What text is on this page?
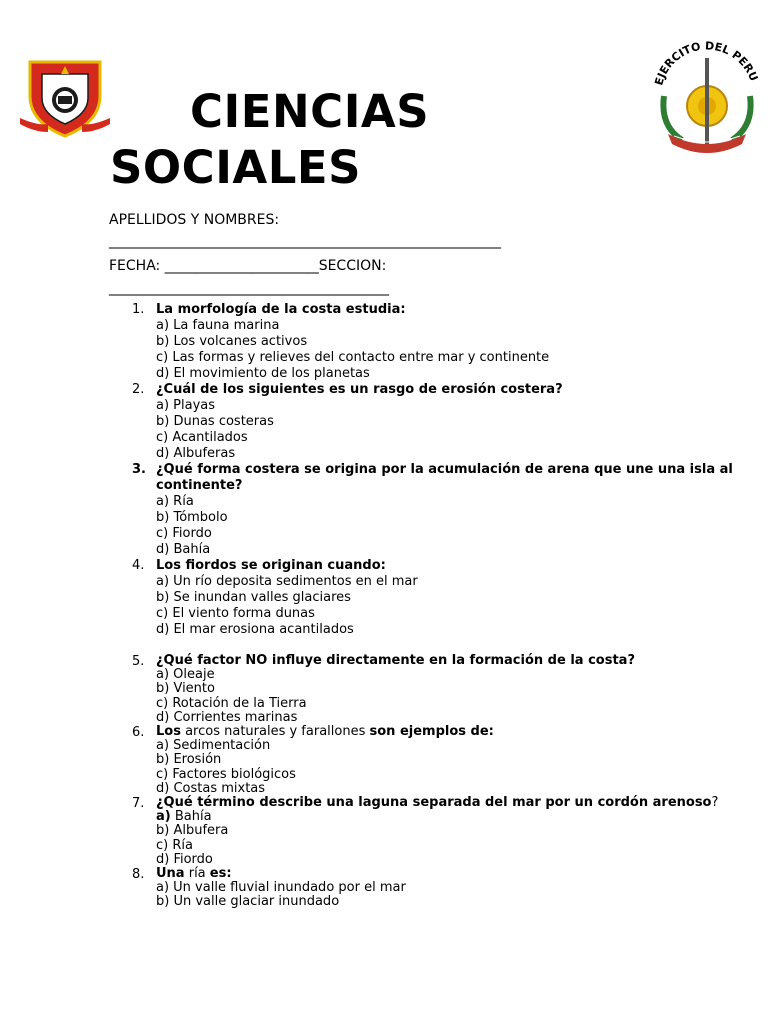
EJERCITO DEL PERU
CIENCIAS
SOCIALES
APELLIDOS Y NOMBRES:
________________________________________________________
FECHA: ______________________SECCION:
________________________________________
1. La morfología de la costa estudia:
a) La fauna marina
b) Los volcanes activos
c) Las formas y relieves del contacto entre mar y continente
d) El movimiento de los planetas
2. ¿Cuál de los siguientes es un rasgo de erosión costera?
a) Playas
b) Dunas costeras
c) Acantilados
d) Albuferas
3. ¿Qué forma costera se origina por la acumulación de arena que une una isla al continente?
a) Ría
b) Tómbolo
c) Fiordo
d) Bahía
4. Los fiordos se originan cuando:
a) Un río deposita sedimentos en el mar
b) Se inundan valles glaciares
c) El viento forma dunas
d) El mar erosiona acantilados
5. ¿Qué factor NO influye directamente en la formación de la costa?
a) Oleaje
b) Viento
c) Rotación de la Tierra
d) Corrientes marinas
6. Los arcos naturales y farallones son ejemplos de:
a) Sedimentación
b) Erosión
c) Factores biológicos
d) Costas mixtas
7. ¿Qué término describe una laguna separada del mar por un cordón arenoso?
a) Bahía
b) Albufera
c) Ría
d) Fiordo
8. Una ría es:
a) Un valle fluvial inundado por el mar
b) Un valle glaciar inundado
